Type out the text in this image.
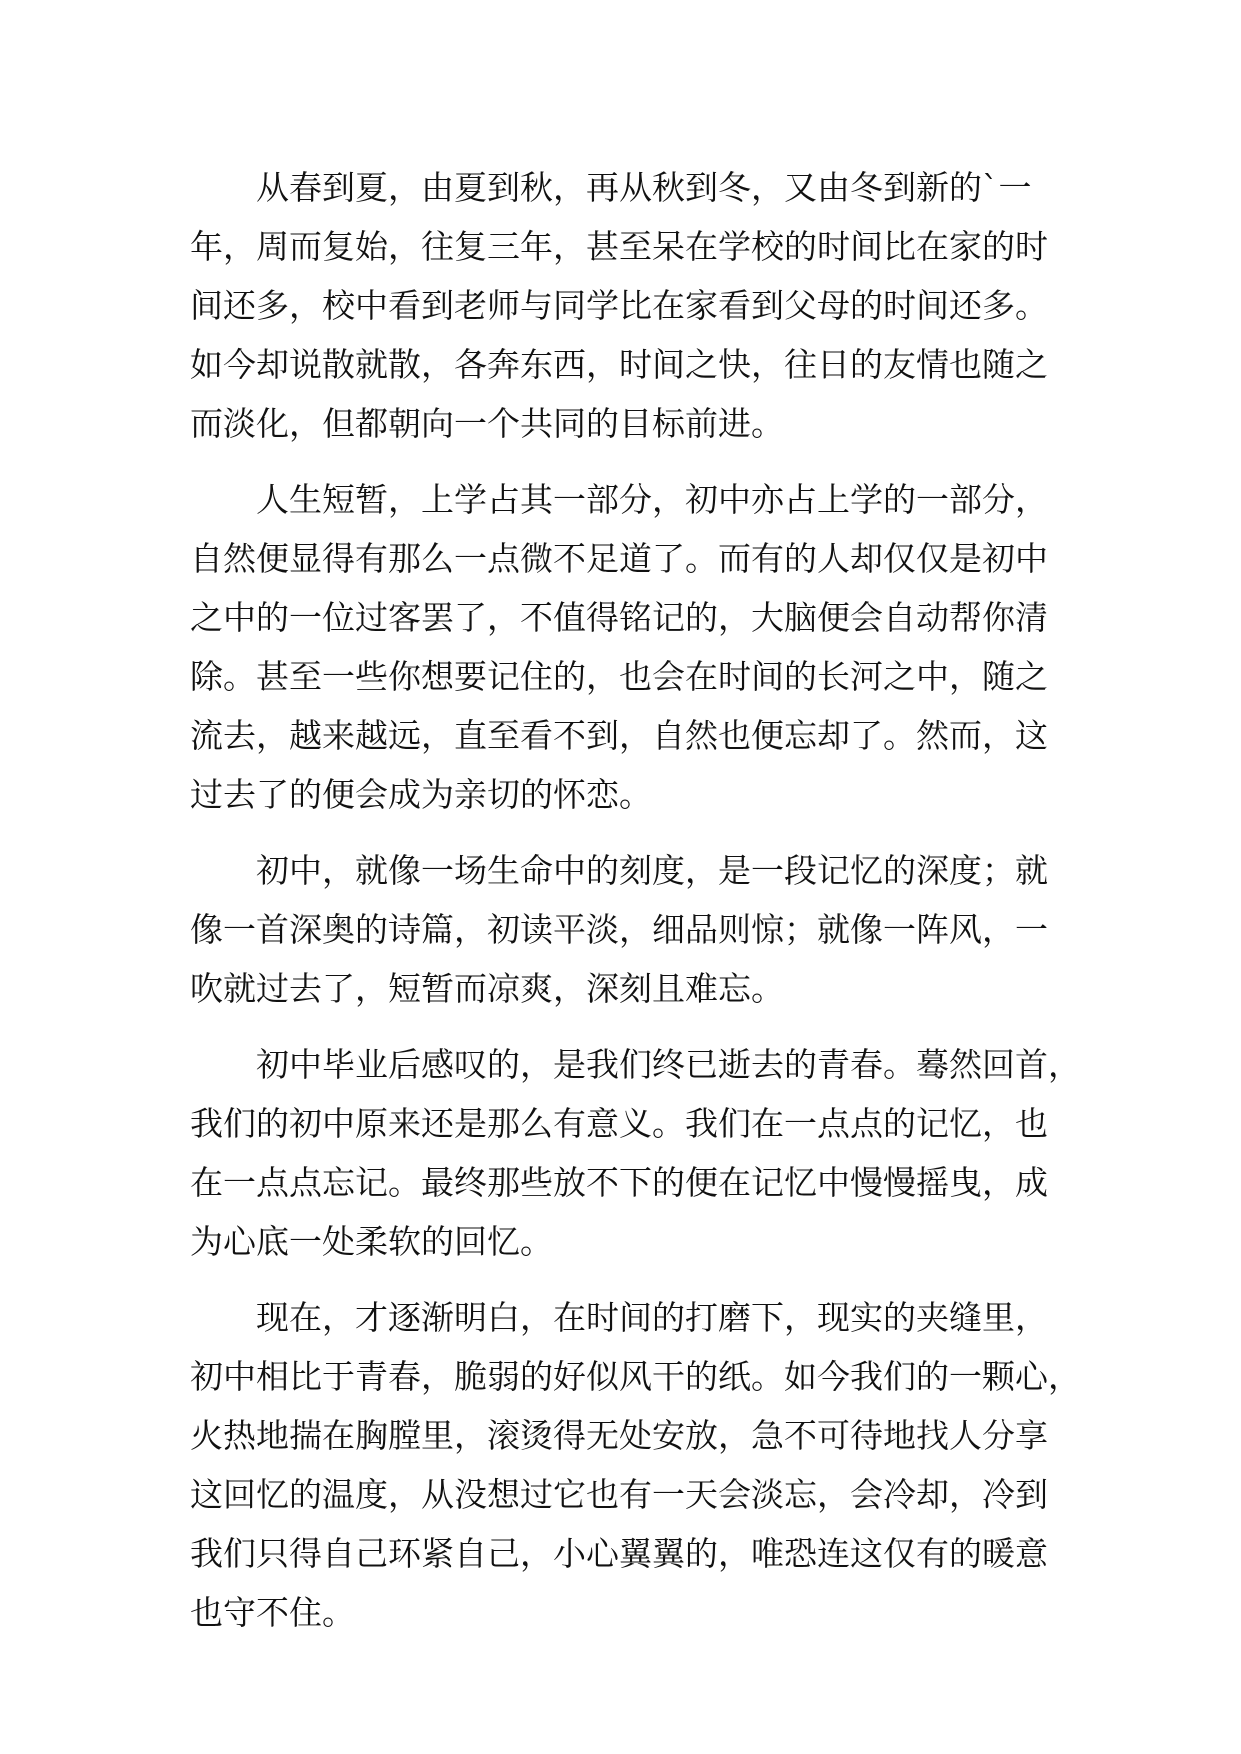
从春到夏，由夏到秋，再从秋到冬，又由冬到新的`一
年，周而复始，往复三年，甚至呆在学校的时间比在家的时
间还多，校中看到老师与同学比在家看到父母的时间还多。
如今却说散就散，各奔东西，时间之快，往日的友情也随之
而淡化，但都朝向一个共同的目标前进。
人生短暂，上学占其一部分，初中亦占上学的一部分，
自然便显得有那么一点微不足道了。而有的人却仅仅是初中
之中的一位过客罢了，不值得铭记的，大脑便会自动帮你清
除。甚至一些你想要记住的，也会在时间的长河之中，随之
流去，越来越远，直至看不到，自然也便忘却了。然而，这
过去了的便会成为亲切的怀恋。
初中，就像一场生命中的刻度，是一段记忆的深度；就
像一首深奥的诗篇，初读平淡，细品则惊；就像一阵风，一
吹就过去了，短暂而凉爽，深刻且难忘。
初中毕业后感叹的，是我们终已逝去的青春。蓦然回首，
我们的初中原来还是那么有意义。我们在一点点的记忆，也
在一点点忘记。最终那些放不下的便在记忆中慢慢摇曳，成
为心底一处柔软的回忆。
现在，才逐渐明白，在时间的打磨下，现实的夹缝里，
初中相比于青春，脆弱的好似风干的纸。如今我们的一颗心，
火热地揣在胸膛里，滚烫得无处安放，急不可待地找人分享
这回忆的温度，从没想过它也有一天会淡忘，会冷却，冷到
我们只得自己环紧自己，小心翼翼的，唯恐连这仅有的暖意
也守不住。
